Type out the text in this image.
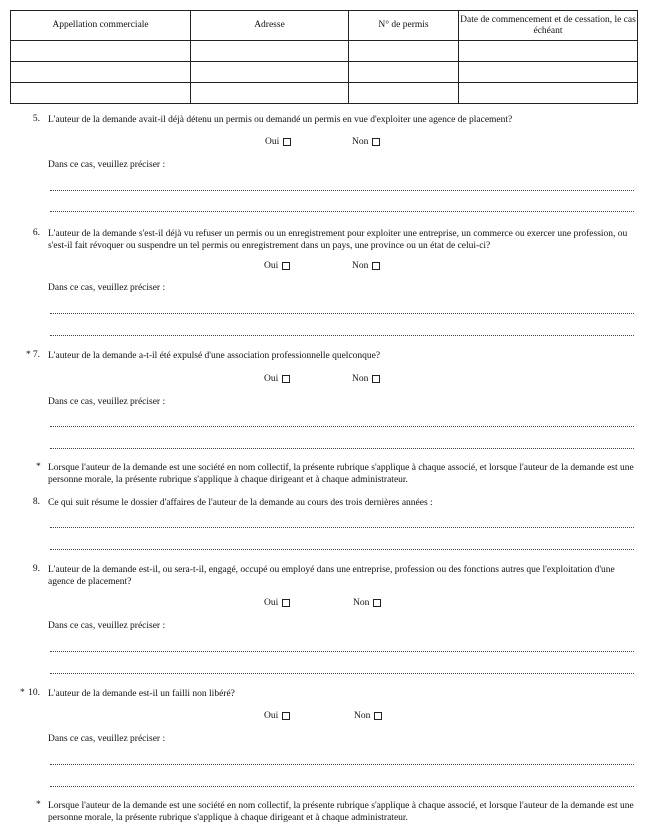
Appellation commerciale	Adresse	N° de permis	Date de commencement et de cessation, le cas échéant

5. L'auteur de la demande avait-il déjà détenu un permis ou demandé un permis en vue d'exploiter une agence de placement?
Oui	Non
Dans ce cas, veuillez préciser :
6. L'auteur de la demande s'est-il déjà vu refuser un permis ou un enregistrement pour exploiter une entreprise, un commerce ou exercer une profession, ou s'est-il fait révoquer ou suspendre un tel permis ou enregistrement dans un pays, une province ou un état de celui-ci?
Oui	Non
Dans ce cas, veuillez préciser :
* 7. L'auteur de la demande a-t-il été expulsé d'une association professionnelle quelconque?
Oui	Non
Dans ce cas, veuillez préciser :
* Lorsque l'auteur de la demande est une société en nom collectif, la présente rubrique s'applique à chaque associé, et lorsque l'auteur de la demande est une personne morale, la présente rubrique s'applique à chaque dirigeant et à chaque administrateur.
8. Ce qui suit résume le dossier d'affaires de l'auteur de la demande au cours des trois dernières années :
9. L'auteur de la demande est-il, ou sera-t-il, engagé, occupé ou employé dans une entreprise, profession ou des fonctions autres que l'exploitation d'une agence de placement?
Oui	Non
Dans ce cas, veuillez préciser :
* 10. L'auteur de la demande est-il un failli non libéré?
Oui	Non
Dans ce cas, veuillez préciser :
* Lorsque l'auteur de la demande est une société en nom collectif, la présente rubrique s'applique à chaque associé, et lorsque l'auteur de la demande est une personne morale, la présente rubrique s'applique à chaque dirigeant et à chaque administrateur.
